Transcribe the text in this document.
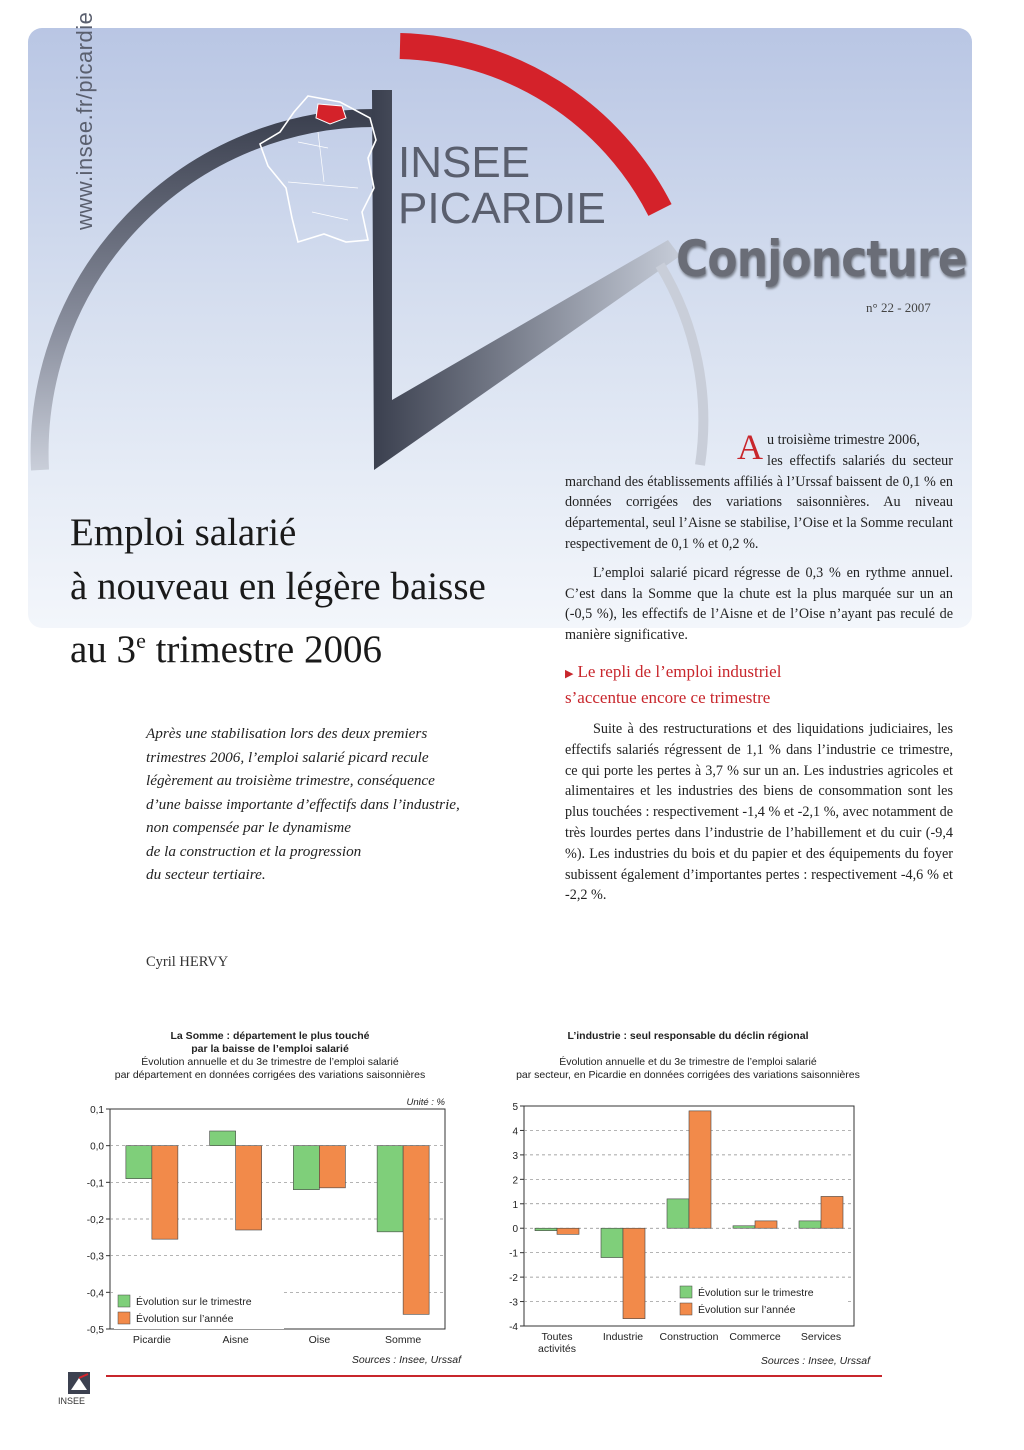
www.insee.fr/picardie	INSEE
PICARDIE
Conjoncture
n° 22 - 2007
Emploi salarié
à nouveau en légère baisse
au 3e trimestre 2006
Après une stabilisation lors des deux premiers
trimestres 2006, l’emploi salarié picard recule
légèrement au troisième trimestre, conséquence
d’une baisse importante d’effectifs dans l’industrie,
non compensée par le dynamisme
de la construction et la progression
du secteur tertiaire.
Cyril HERVY

A u troisième trimestre 2006,
les effectifs salariés du secteur marchand des établissements affiliés à l’Urssaf baissent de 0,1 % en données corrigées des variations saisonnières. Au niveau départemental, seul l’Aisne se stabilise, l’Oise et la Somme reculant respectivement de 0,1 % et 0,2 %.

L’emploi salarié picard régresse de 0,3 % en rythme annuel. C’est dans la Somme que la chute est la plus marquée sur un an (-0,5 %), les effectifs de l’Aisne et de l’Oise n’ayant pas reculé de manière significative.

▶ Le repli de l’emploi industriel
s’accentue encore ce trimestre

Suite à des restructurations et des liquidations judiciaires, les effectifs salariés régressent de 1,1 % dans l’industrie ce trimestre, ce qui porte les pertes à 3,7 % sur un an. Les industries agricoles et alimentaires et les industries des biens de consommation sont les plus touchées : respectivement -1,4 % et -2,1 %, avec notamment de très lourdes pertes dans l’industrie de l’habillement et du cuir (-9,4 %). Les industries du bois et du papier et des équipements du foyer subissent également d’importantes pertes : respectivement -4,6 % et -2,2 %.

La Somme : département le plus touché
par la baisse de l’emploi salarié
Évolution annuelle et du 3e trimestre de l’emploi salarié
par département en données corrigées des variations saisonnières
L’industrie : seul responsable du déclin régional
Évolution annuelle et du 3e trimestre de l’emploi salarié
par secteur, en Picardie en données corrigées des variations saisonnières
0,1
0,0
-0,1
-0,2
-0,3
-0,4
-0,5
Picardie	Aisne	Oise	Somme
Unité : %
Sources : Insee, Urssaf
Évolution sur le trimestre
Évolution sur l’année
5
4
3
2
1
0
-1
-2
-3
-4
Toutes
activités
Industrie Construction Commerce Services
Sources : Insee, Urssaf
Évolution sur le trimestre
Évolution sur l’année
INSEE
